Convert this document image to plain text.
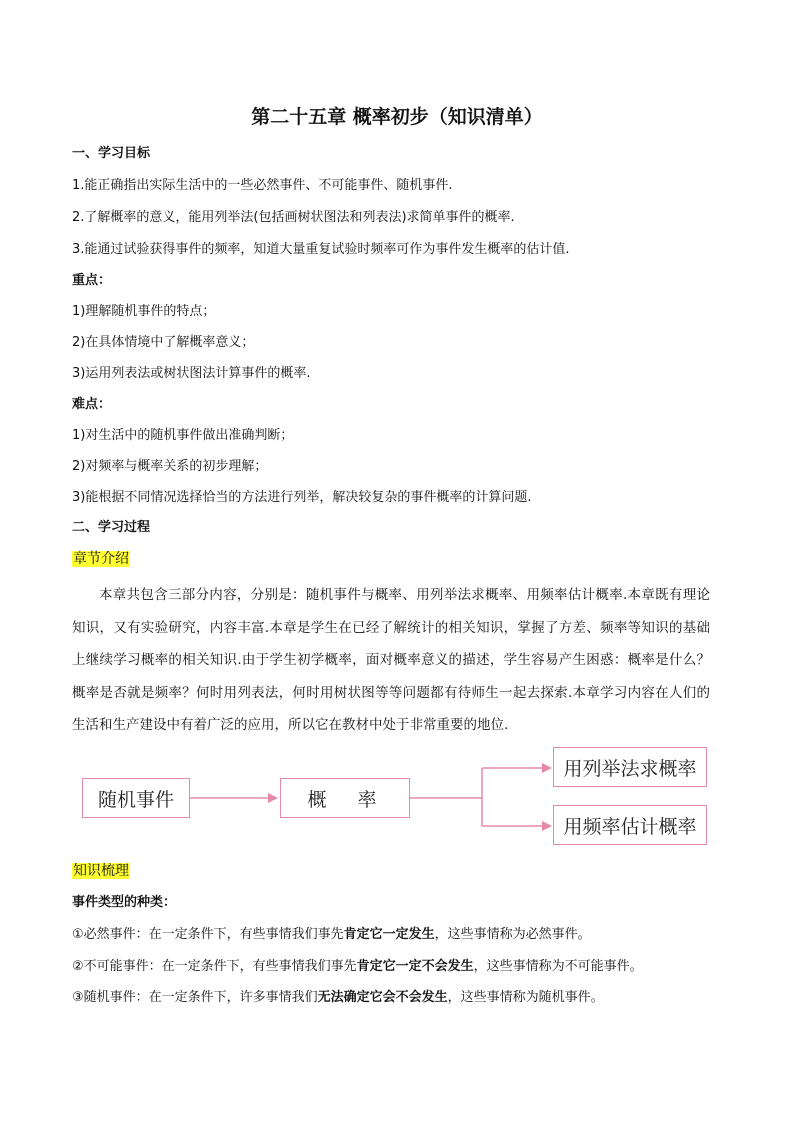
第二十五章 概率初步（知识清单）
一、学习目标
1.能正确指出实际生活中的一些必然事件、不可能事件、随机事件.
2.了解概率的意义，能用列举法(包括画树状图法和列表法)求简单事件的概率.
3.能通过试验获得事件的频率，知道大量重复试验时频率可作为事件发生概率的估计值.
重点：
1)理解随机事件的特点；
2)在具体情境中了解概率意义；
3)运用列表法或树状图法计算事件的概率.
难点：
1)对生活中的随机事件做出准确判断；
2)对频率与概率关系的初步理解；
3)能根据不同情况选择恰当的方法进行列举，解决较复杂的事件概率的计算问题.
二、学习过程
章节介绍
本章共包含三部分内容，分别是：随机事件与概率、用列举法求概率、用频率估计概率.本章既有理论知识，又有实验研究，内容丰富.本章是学生在已经了解统计的相关知识，掌握了方差、频率等知识的基础上继续学习概率的相关知识.由于学生初学概率，面对概率意义的描述，学生容易产生困惑：概率是什么？概率是否就是频率？何时用列表法，何时用树状图等等问题都有待师生一起去探索.本章学习内容在人们的生活和生产建设中有着广泛的应用，所以它在教材中处于非常重要的地位.
随机事件	概　率
用列举法求概率
用频率估计概率
知识梳理
事件类型的种类：
①必然事件：在一定条件下，有些事情我们事先肯定它一定发生，这些事情称为必然事件。
②不可能事件：在一定条件下，有些事情我们事先肯定它一定不会发生，这些事情称为不可能事件。
③随机事件：在一定条件下，许多事情我们无法确定它会不会发生，这些事情称为随机事件。
